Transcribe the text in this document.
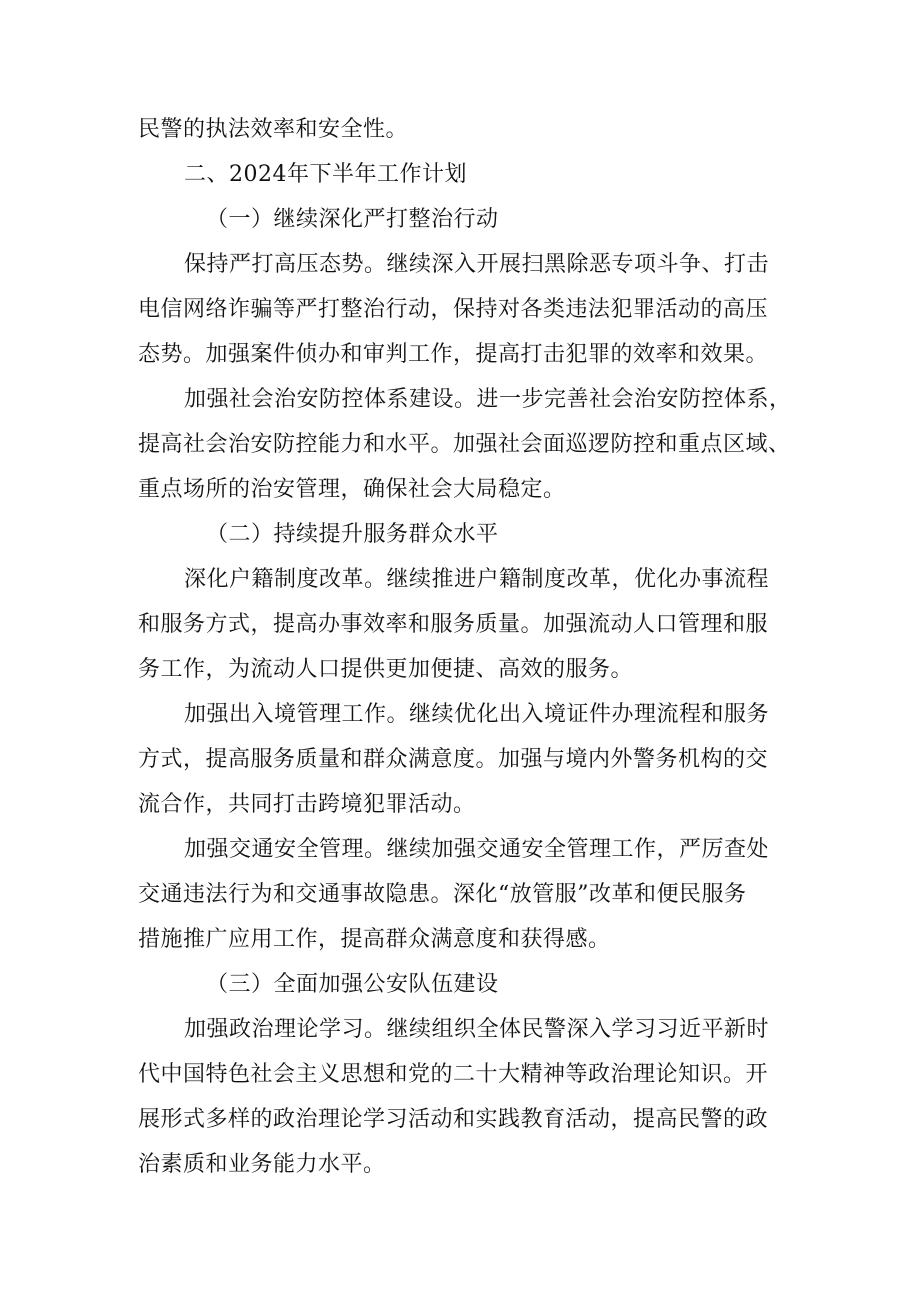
民警的执法效率和安全性。

二、2024年下半年工作计划

（一）继续深化严打整治行动

保持严打高压态势。继续深入开展扫黑除恶专项斗争、打击

电信网络诈骗等严打整治行动，保持对各类违法犯罪活动的高压

态势。加强案件侦办和审判工作，提高打击犯罪的效率和效果。

加强社会治安防控体系建设。进一步完善社会治安防控体系，

提高社会治安防控能力和水平。加强社会面巡逻防控和重点区域、

重点场所的治安管理，确保社会大局稳定。

（二）持续提升服务群众水平

深化户籍制度改革。继续推进户籍制度改革，优化办事流程

和服务方式，提高办事效率和服务质量。加强流动人口管理和服

务工作，为流动人口提供更加便捷、高效的服务。

加强出入境管理工作。继续优化出入境证件办理流程和服务

方式，提高服务质量和群众满意度。加强与境内外警务机构的交

流合作，共同打击跨境犯罪活动。

加强交通安全管理。继续加强交通安全管理工作，严厉查处

交通违法行为和交通事故隐患。深化“放管服”改革和便民服务

措施推广应用工作，提高群众满意度和获得感。

（三）全面加强公安队伍建设

加强政治理论学习。继续组织全体民警深入学习习近平新时

代中国特色社会主义思想和党的二十大精神等政治理论知识。开

展形式多样的政治理论学习活动和实践教育活动，提高民警的政

治素质和业务能力水平。
